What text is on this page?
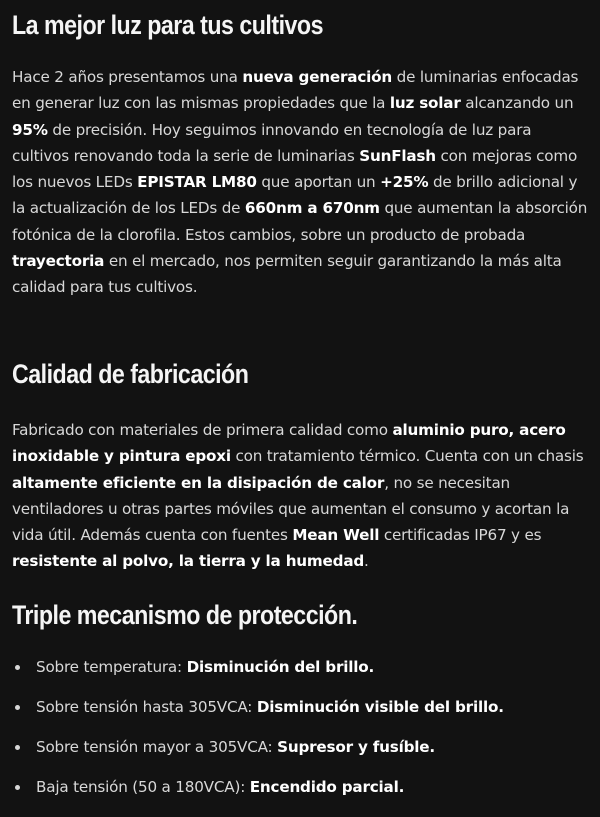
La mejor luz para tus cultivos

Hace 2 años presentamos una nueva generación de luminarias enfocadas en generar luz con las mismas propiedades que la luz solar alcanzando un 95% de precisión. Hoy seguimos innovando en tecnología de luz para cultivos renovando toda la serie de luminarias SunFlash con mejoras como los nuevos LEDs EPISTAR LM80 que aportan un +25% de brillo adicional y la actualización de los LEDs de 660nm a 670nm que aumentan la absorción fotónica de la clorofila. Estos cambios, sobre un producto de probada trayectoria en el mercado, nos permiten seguir garantizando la más alta calidad para tus cultivos.

Calidad de fabricación

Fabricado con materiales de primera calidad como aluminio puro, acero inoxidable y pintura epoxi con tratamiento térmico. Cuenta con un chasis altamente eficiente en la disipación de calor, no se necesitan ventiladores u otras partes móviles que aumentan el consumo y acortan la vida útil. Además cuenta con fuentes Mean Well certificadas IP67 y es resistente al polvo, la tierra y la humedad.

Triple mecanismo de protección.
Sobre temperatura: Disminución del brillo.
Sobre tensión hasta 305VCA: Disminución visible del brillo.
Sobre tensión mayor a 305VCA: Supresor y fusíble.
Baja tensión (50 a 180VCA): Encendido parcial.
